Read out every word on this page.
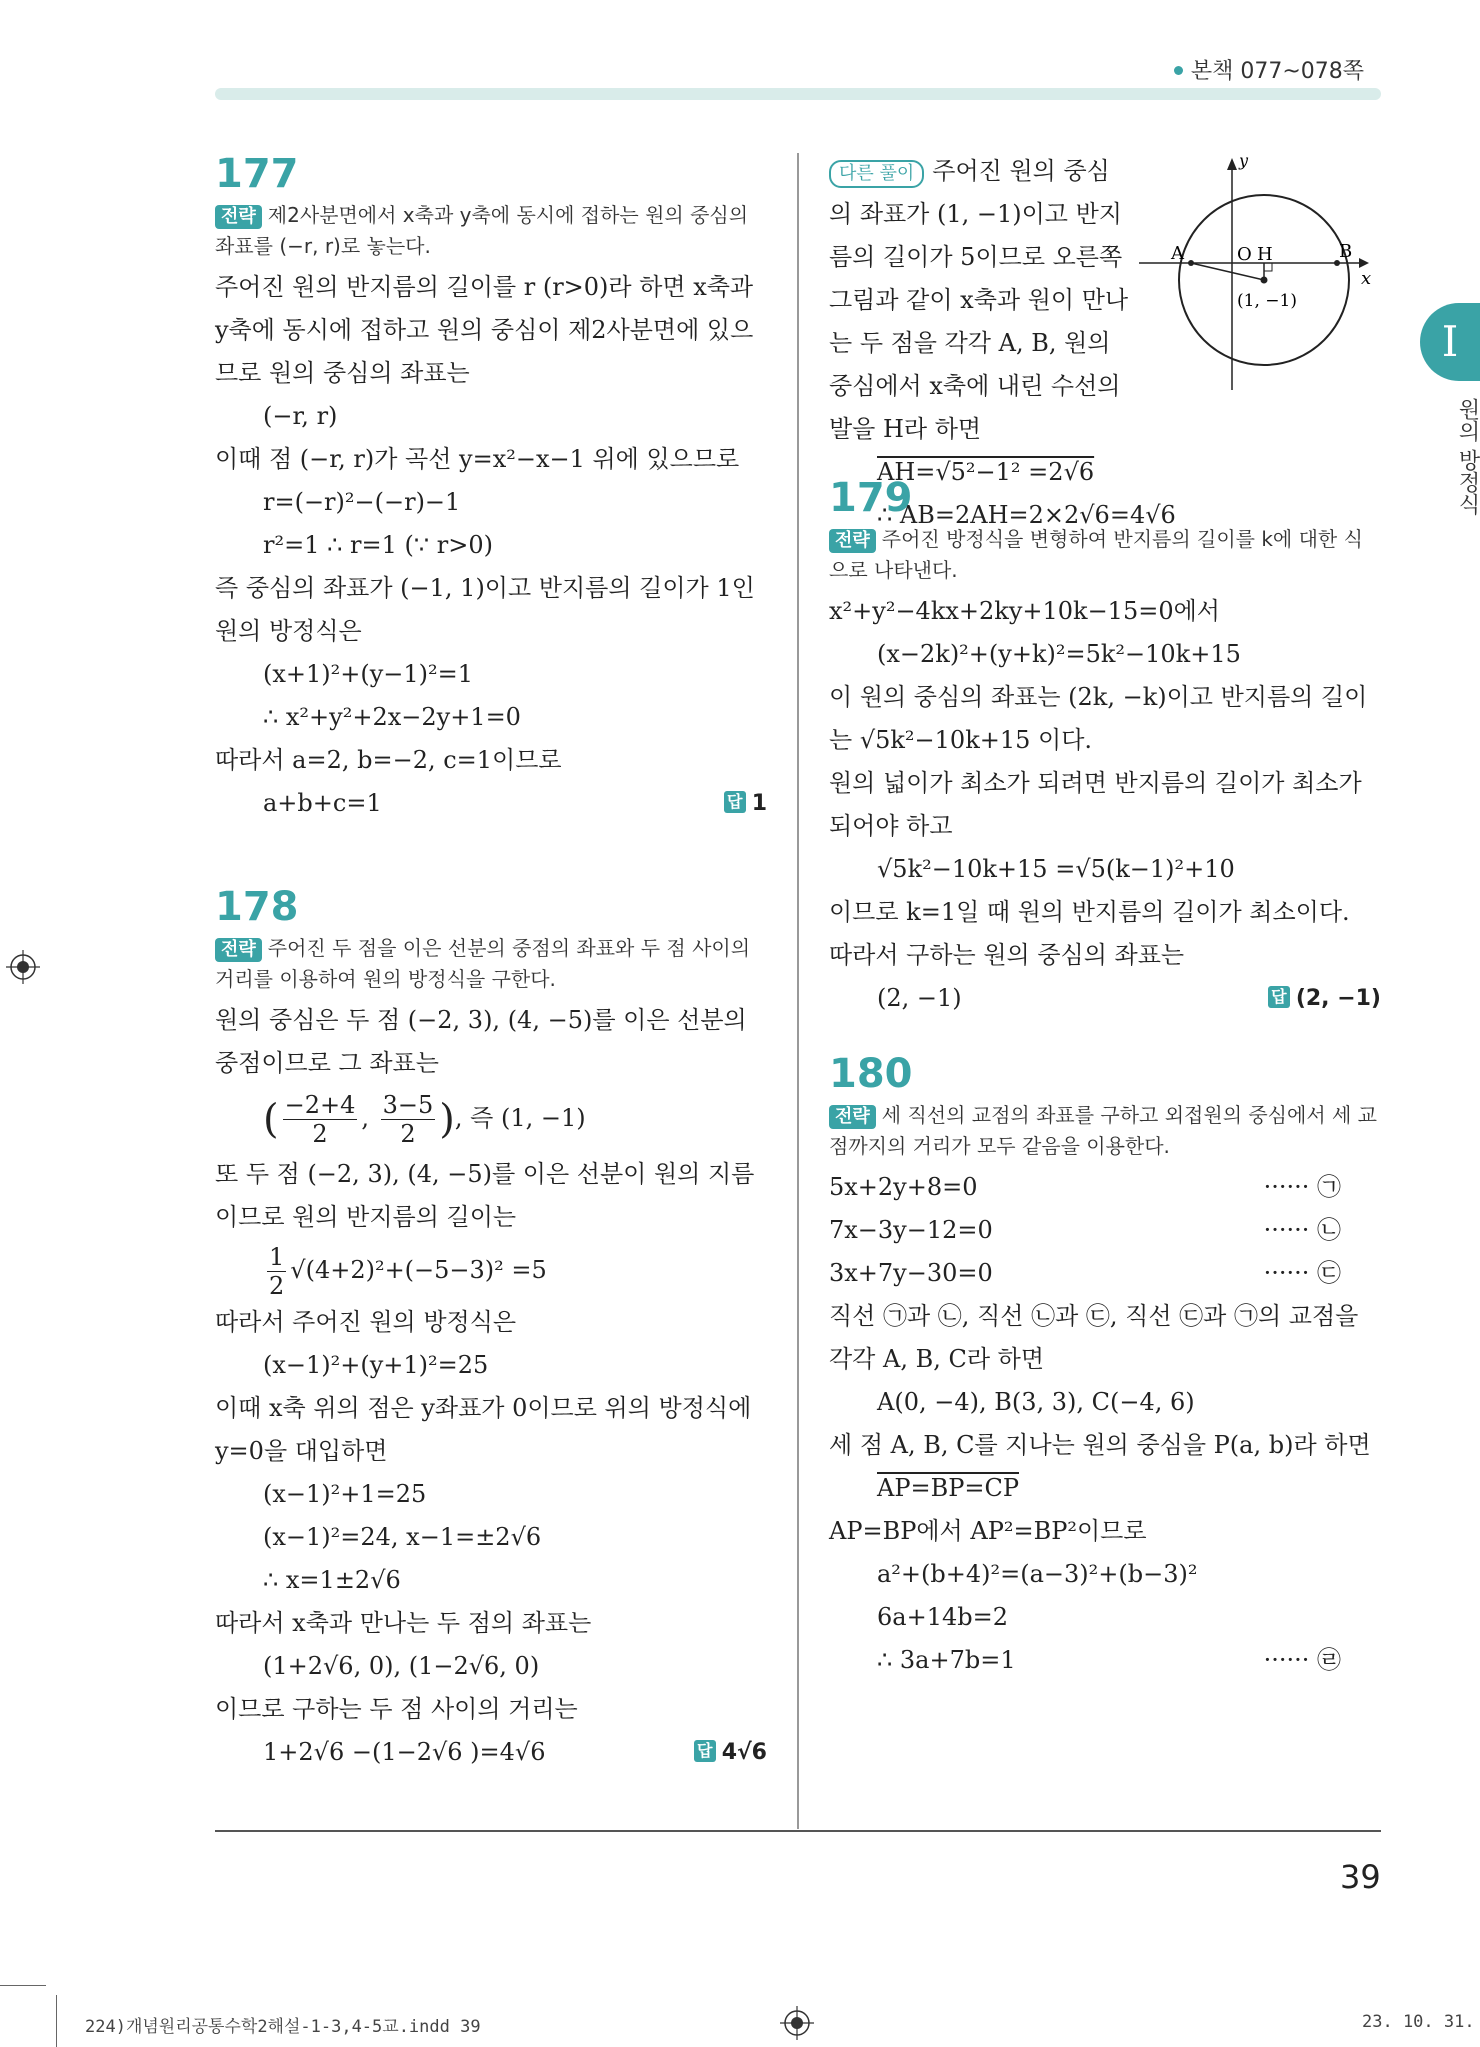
본책 077~078쪽

177

전략 제2사분면에서 x축과 y축에 동시에 접하는 원의 중심의 좌표를 (−r, r)로 놓는다.
주어진 원의 반지름의 길이를 r (r>0)라 하면 x축과 y축에 동시에 접하고 원의 중심이 제2사분면에 있으므로 원의 중심의 좌표는
(−r, r)
이때 점 (−r, r)가 곡선 y=x²−x−1 위에 있으므로
r=(−r)²−(−r)−1
r²=1 ∴ r=1 (∵ r>0)
즉 중심의 좌표가 (−1, 1)이고 반지름의 길이가 1인 원의 방정식은
(x+1)²+(y−1)²=1
∴ x²+y²+2x−2y+1=0
따라서 a=2, b=−2, c=1이므로
a+b+c=1	답 1

178

전략 주어진 두 점을 이은 선분의 중점의 좌표와 두 점 사이의 거리를 이용하여 원의 방정식을 구한다.
원의 중심은 두 점 (−2, 3), (4, −5)를 이은 선분의 중점이므로 그 좌표는
( $\frac{-2+4}{2}$ , $\frac{3-5}{2}$ ), 즉 (1, −1)
또 두 점 (−2, 3), (4, −5)를 이은 선분이 원의 지름이므로 원의 반지름의 길이는
$\frac{1}{2} √(4+2)^2+(-5-3)^2 =5$
따라서 주어진 원의 방정식은
(x−1)²+(y+1)²=25
이때 x축 위의 점은 y좌표가 0이므로 위의 방정식에 y=0을 대입하면
(x−1)²+1=25
(x−1)²=24, x−1=±2√6
∴ x=1±2√6
따라서 x축과 만나는 두 점의 좌표는
(1+2√6, 0), (1−2√6, 0)
이므로 구하는 두 점 사이의 거리는
1+2√6 −(1−2√6 )=4√6	답 4√6
다른 풀이 주어진 원의 중심의 좌표가 (1, −1)이고 반지름의 길이가 5이므로 오른쪽 그림과 같이 x축과 원이 만나는 두 점을 각각 A, B, 원의 중심에서 x축에 내린 수선의 발을 H라 하면
y
x
A	B
O H
(1, −1)
AH=√5²−1² =2√6
∴ AB=2AH=2×2√6=4√6

179

전략 주어진 방정식을 변형하여 반지름의 길이를 k에 대한 식으로 나타낸다.
x²+y²−4kx+2ky+10k−15=0에서
(x−2k)²+(y+k)²=5k²−10k+15
이 원의 중심의 좌표는 (2k, −k)이고 반지름의 길이는 √5k²−10k+15 이다.
원의 넓이가 최소가 되려면 반지름의 길이가 최소가 되어야 하고
√5k²−10k+15 =√5(k−1)²+10
이므로 k=1일 때 원의 반지름의 길이가 최소이다.
따라서 구하는 원의 중심의 좌표는
(2, −1)	답 (2, −1)

180

전략 세 직선의 교점의 좌표를 구하고 외접원의 중심에서 세 교점까지의 거리가 모두 같음을 이용한다.
5x+2y+8=0	······ ㉠
7x−3y−12=0	······ ㉡
3x+7y−30=0	······ ㉢
직선 ㉠과 ㉡, 직선 ㉡과 ㉢, 직선 ㉢과 ㉠의 교점을 각각 A, B, C라 하면
A(0, −4), B(3, 3), C(−4, 6)
세 점 A, B, C를 지나는 원의 중심을 P(a, b)라 하면
AP=BP=CP
AP=BP에서 AP²=BP²이므로
a²+(b+4)²=(a−3)²+(b−3)²
6a+14b=2
∴ 3a+7b=1	······ ㉣
I
원의 방정식
39
224)개념원리공통수학2해설-1-3,4-5교.indd 39	23. 10. 31.
